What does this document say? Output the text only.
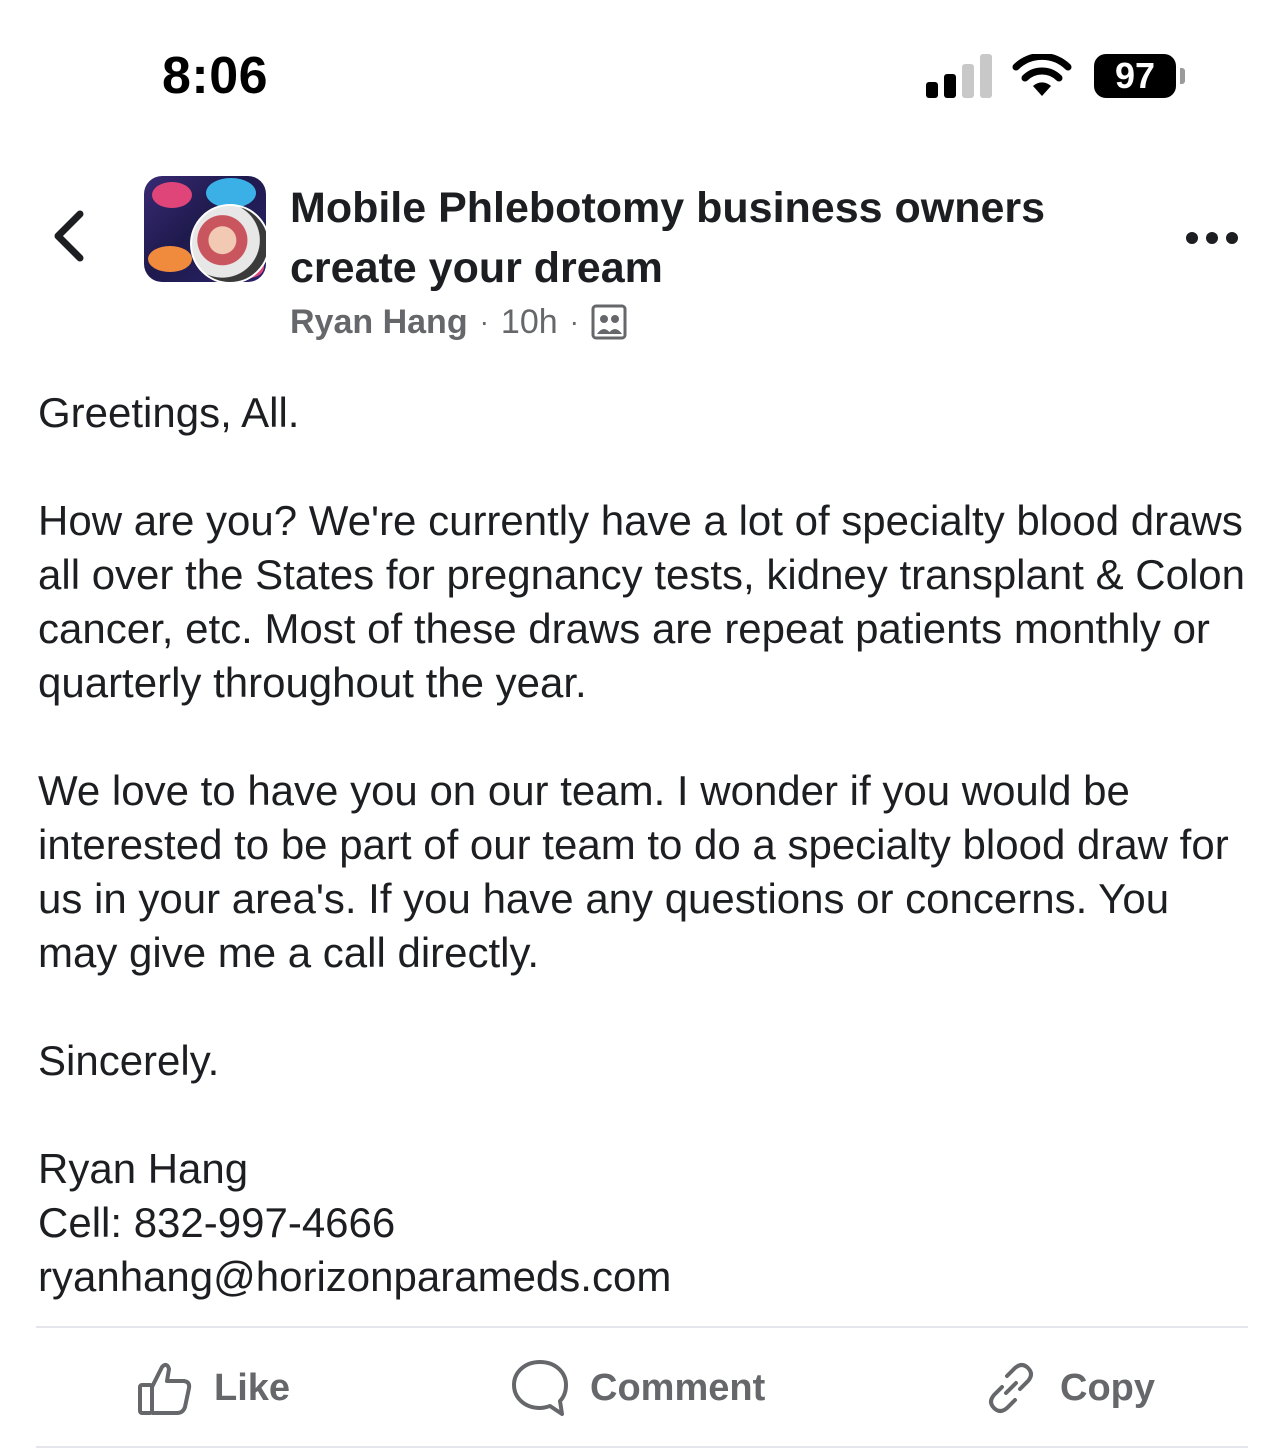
8:06	97
Mobile Phlebotomy business owners create your dream
Ryan Hang · 10h ·

Greetings, All.

How are you? We're currently have a lot of specialty blood draws all over the States for pregnancy tests, kidney transplant & Colon cancer, etc. Most of these draws are repeat patients monthly or quarterly throughout the year.

We love to have you on our team. I wonder if you would be interested to be part of our team to do a specialty blood draw for us in your area's. If you have any questions or concerns. You may give me a call directly.

Sincerely.

Ryan Hang

Cell: 832-997-4666

ryanhang@horizonparameds.com

Like	Comment	Copy
